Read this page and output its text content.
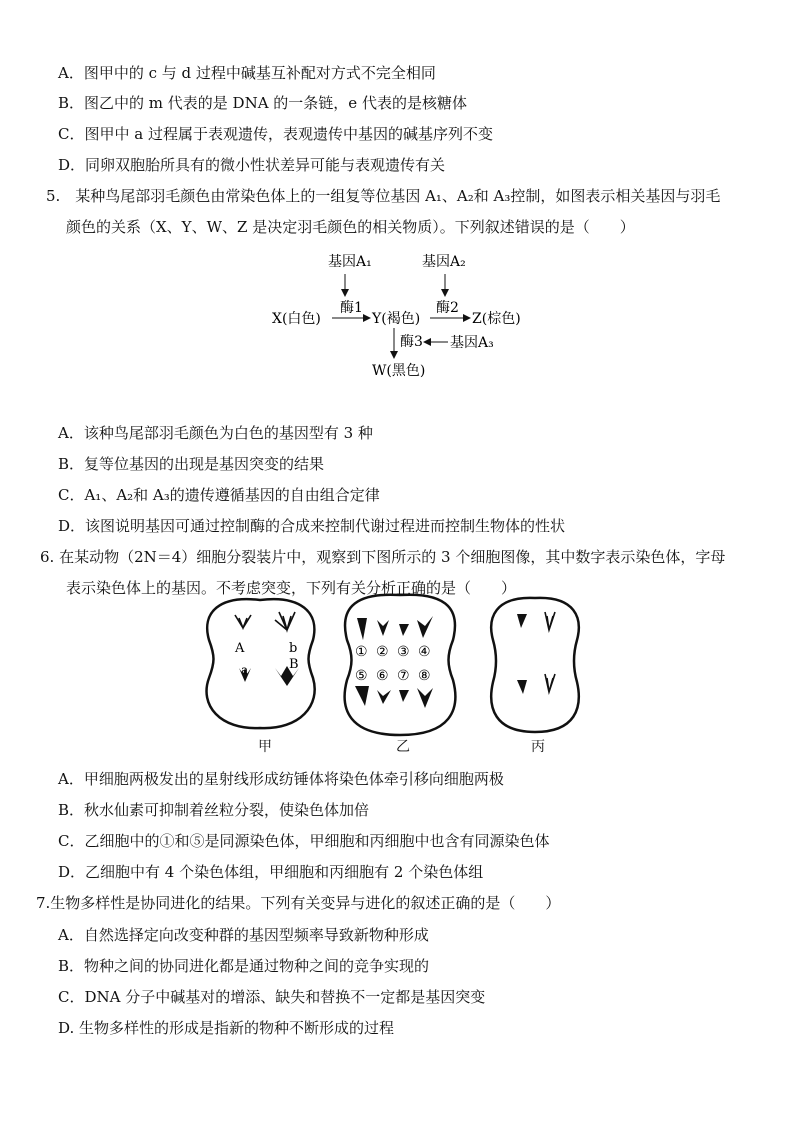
A．图甲中的 c 与 d 过程中碱基互补配对方式不完全相同
B．图乙中的 m 代表的是 DNA 的一条链，e 代表的是核糖体
C．图甲中 a 过程属于表观遗传，表观遗传中基因的碱基序列不变
D．同卵双胞胎所具有的微小性状差异可能与表观遗传有关
5.　某种鸟尾部羽毛颜色由常染色体上的一组复等位基因 A₁、A₂和 A₃控制，如图表示相关基因与羽毛
颜色的关系（X、Y、W、Z 是决定羽毛颜色的相关物质）。下列叙述错误的是（　　）
基因A₁	基因A₂
X(白色)
酶1
Y(褐色)
酶2
Z(棕色)
酶3 基因A₃
W(黑色)
A．该种鸟尾部羽毛颜色为白色的基因型有 3 种
B．复等位基因的出现是基因突变的结果
C．A₁、A₂和 A₃的遗传遵循基因的自由组合定律
D．该图说明基因可通过控制酶的合成来控制代谢过程进而控制生物体的性状
6. 在某动物（2N＝4）细胞分裂装片中，观察到下图所示的 3 个细胞图像，其中数字表示染色体，字母
表示染色体上的基因。不考虑突变，下列有关分析正确的是（　　）
A	b
B
a
① ② ③ ④
⑤ ⑥ ⑦ ⑧
甲	乙	丙
A．甲细胞两极发出的星射线形成纺锤体将染色体牵引移向细胞两极
B．秋水仙素可抑制着丝粒分裂，使染色体加倍
C．乙细胞中的①和⑤是同源染色体，甲细胞和丙细胞中也含有同源染色体
D．乙细胞中有 4 个染色体组，甲细胞和丙细胞有 2 个染色体组
7.生物多样性是协同进化的结果。下列有关变异与进化的叙述正确的是（　　）
A．自然选择定向改变种群的基因型频率导致新物种形成
B．物种之间的协同进化都是通过物种之间的竞争实现的
C．DNA 分子中碱基对的增添、缺失和替换不一定都是基因突变
D. 生物多样性的形成是指新的物种不断形成的过程
